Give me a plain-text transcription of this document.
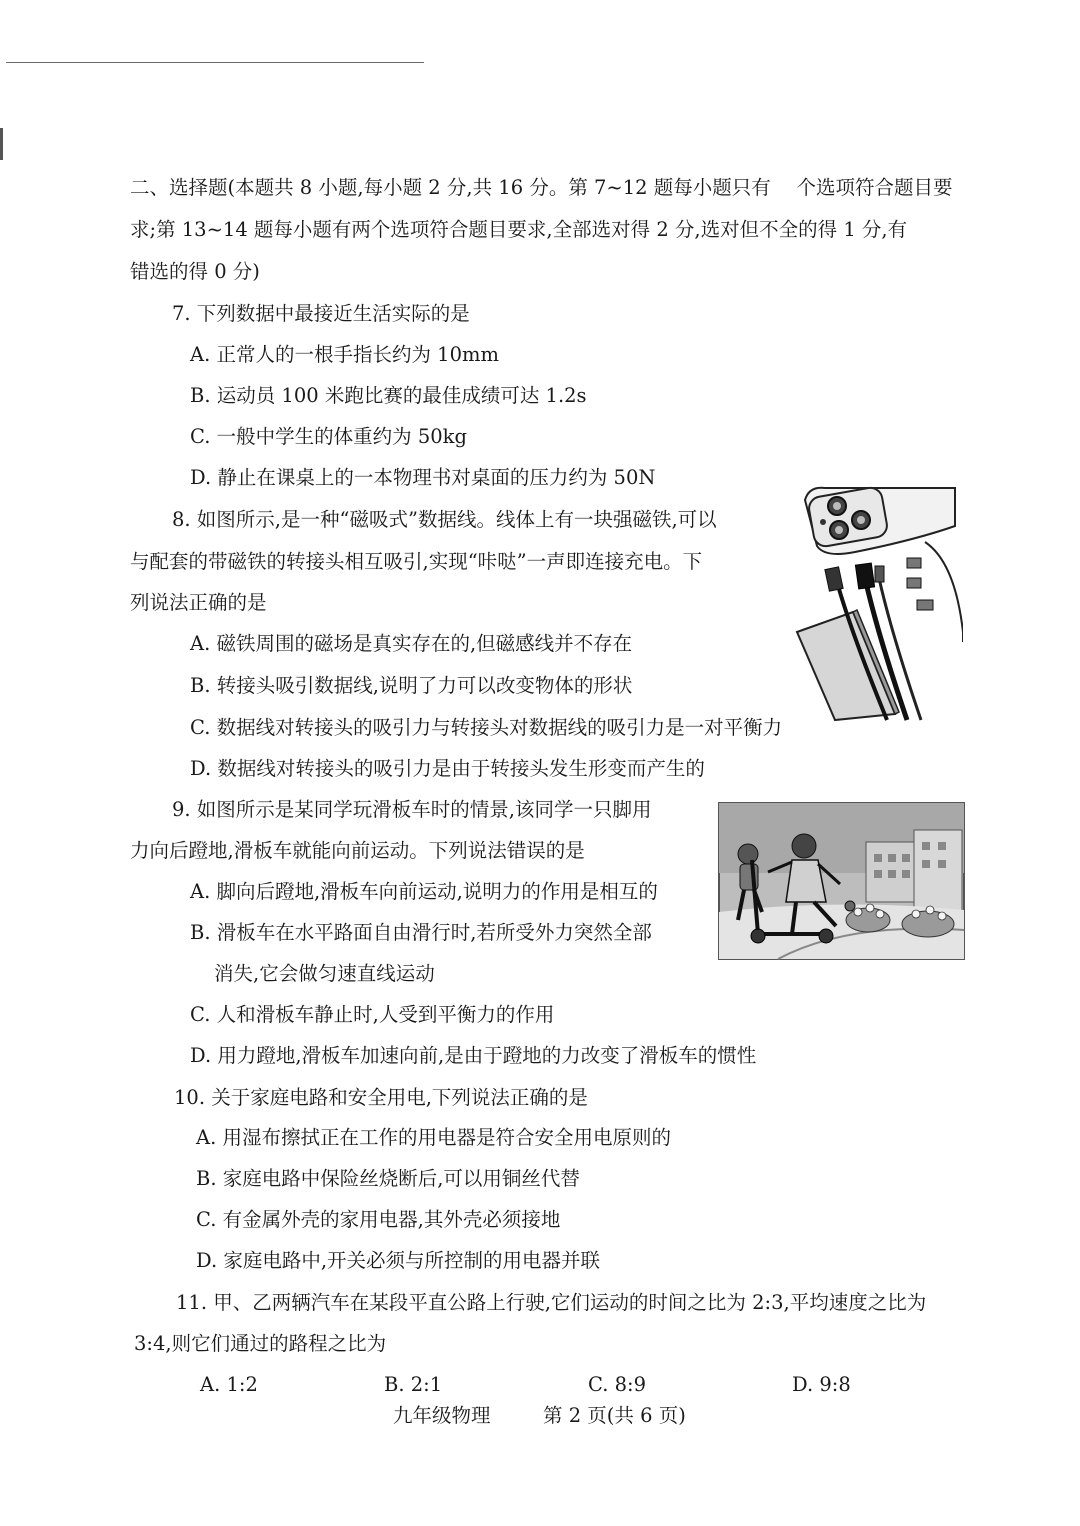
二、选择题(本题共 8 小题,每小题 2 分,共 16 分。第 7~12 题每小题只有　 个选项符合题目要
求;第 13~14 题每小题有两个选项符合题目要求,全部选对得 2 分,选对但不全的得 1 分,有
错选的得 0 分)
7. 下列数据中最接近生活实际的是
A. 正常人的一根手指长约为 10mm
B. 运动员 100 米跑比赛的最佳成绩可达 1.2s
C. 一般中学生的体重约为 50kg
D. 静止在课桌上的一本物理书对桌面的压力约为 50N
8. 如图所示,是一种“磁吸式”数据线。线体上有一块强磁铁,可以
与配套的带磁铁的转接头相互吸引,实现“咔哒”一声即连接充电。下
列说法正确的是
A. 磁铁周围的磁场是真实存在的,但磁感线并不存在
B. 转接头吸引数据线,说明了力可以改变物体的形状
C. 数据线对转接头的吸引力与转接头对数据线的吸引力是一对平衡力
D. 数据线对转接头的吸引力是由于转接头发生形变而产生的
9. 如图所示是某同学玩滑板车时的情景,该同学一只脚用
力向后蹬地,滑板车就能向前运动。下列说法错误的是
A. 脚向后蹬地,滑板车向前运动,说明力的作用是相互的
B. 滑板车在水平路面自由滑行时,若所受外力突然全部
消失,它会做匀速直线运动
C. 人和滑板车静止时,人受到平衡力的作用
D. 用力蹬地,滑板车加速向前,是由于蹬地的力改变了滑板车的惯性
10. 关于家庭电路和安全用电,下列说法正确的是
A. 用湿布擦拭正在工作的用电器是符合安全用电原则的
B. 家庭电路中保险丝烧断后,可以用铜丝代替
C. 有金属外壳的家用电器,其外壳必须接地
D. 家庭电路中,开关必须与所控制的用电器并联
11. 甲、乙两辆汽车在某段平直公路上行驶,它们运动的时间之比为 2:3,平均速度之比为
3:4,则它们通过的路程之比为
A. 1:2	B. 2:1	C. 8:9	D. 9:8
九年级物理	第 2 页(共 6 页)
